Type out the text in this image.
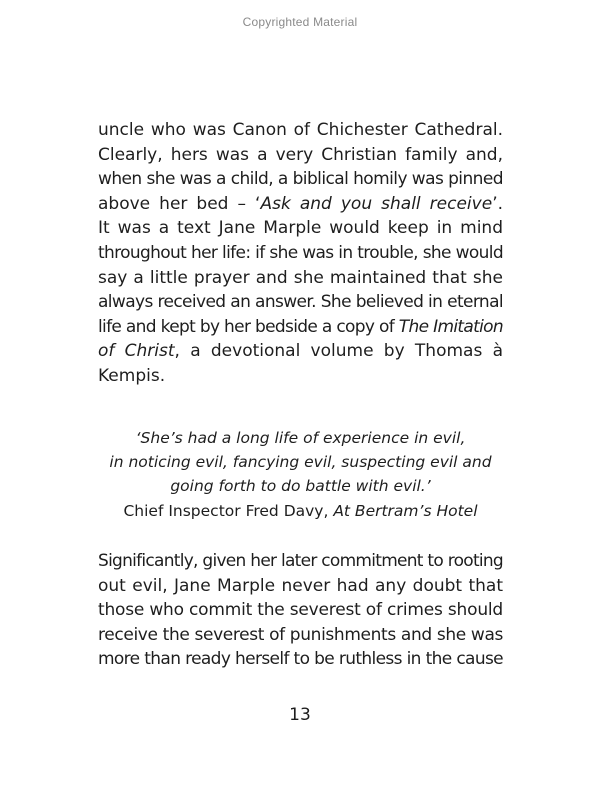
Copyrighted Material

uncle who was Canon of Chichester Cathedral.
Clearly, hers was a very Christian family and,
when she was a child, a biblical homily was pinned
above her bed – ‘Ask and you shall receive’.
It was a text Jane Marple would keep in mind
throughout her life: if she was in trouble, she would
say a little prayer and she maintained that she
always received an answer. She believed in eternal
life and kept by her bedside a copy of The Imitation
of Christ, a devotional volume by Thomas à
Kempis.

‘She’s had a long life of experience in evil,
in noticing evil, fancying evil, suspecting evil and
going forth to do battle with evil.’
Chief Inspector Fred Davy, At Bertram’s Hotel

Significantly, given her later commitment to rooting
out evil, Jane Marple never had any doubt that
those who commit the severest of crimes should
receive the severest of punishments and she was
more than ready herself to be ruthless in the cause

13
